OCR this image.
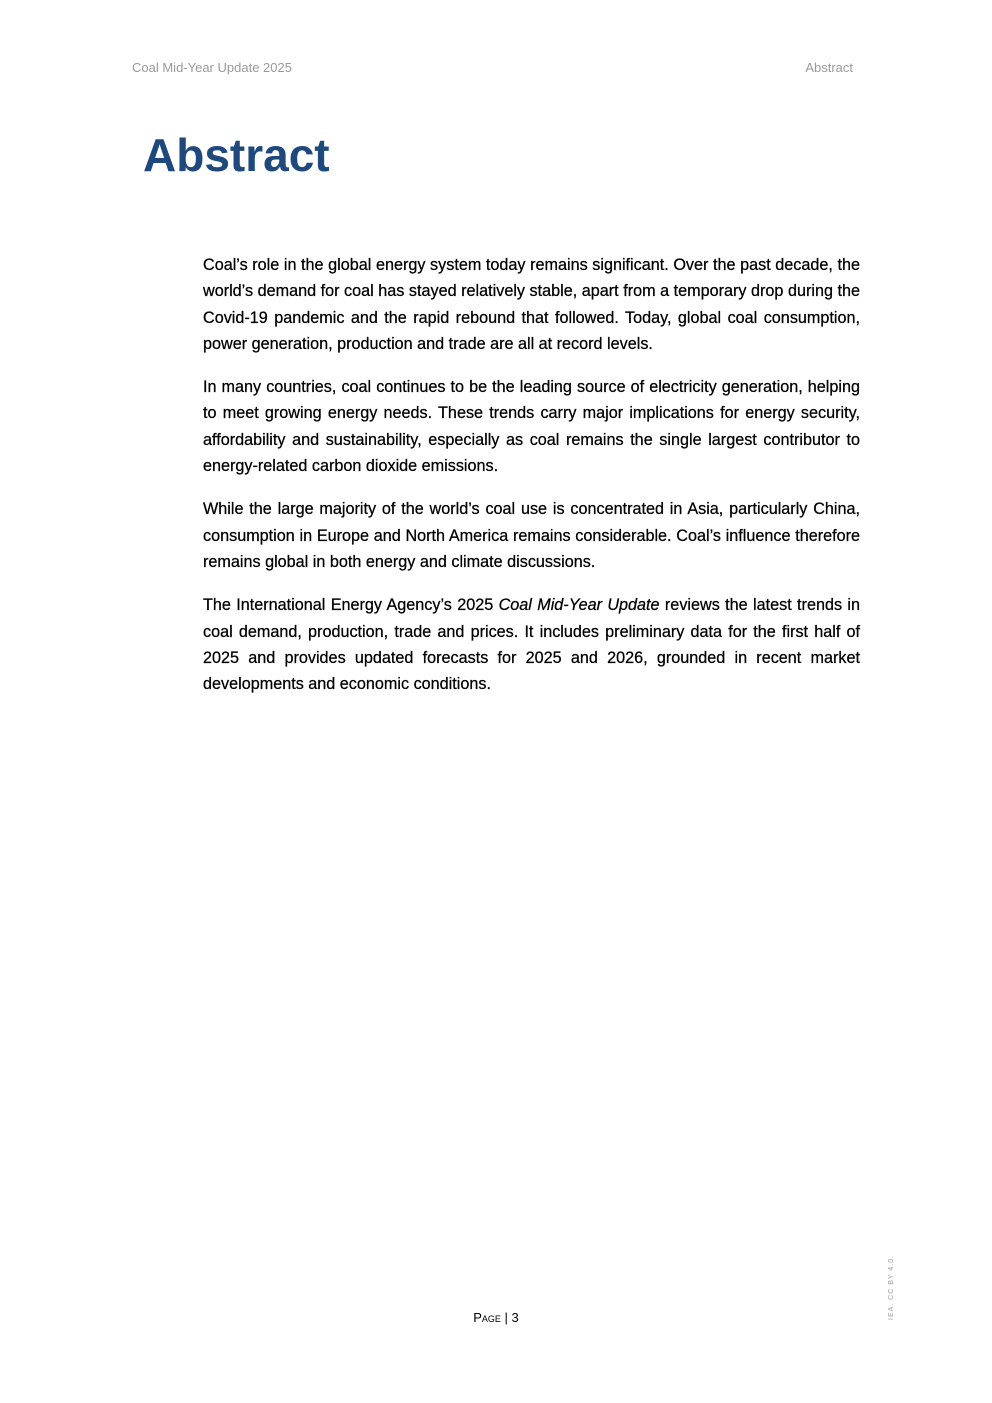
Coal Mid-Year Update 2025	Abstract
Abstract

Coal’s role in the global energy system today remains significant. Over the past decade, the world’s demand for coal has stayed relatively stable, apart from a temporary drop during the Covid-19 pandemic and the rapid rebound that followed. Today, global coal consumption, power generation, production and trade are all at record levels.

In many countries, coal continues to be the leading source of electricity generation, helping to meet growing energy needs. These trends carry major implications for energy security, affordability and sustainability, especially as coal remains the single largest contributor to energy-related carbon dioxide emissions.

While the large majority of the world’s coal use is concentrated in Asia, particularly China, consumption in Europe and North America remains considerable. Coal’s influence therefore remains global in both energy and climate discussions.

The International Energy Agency’s 2025 Coal Mid-Year Update reviews the latest trends in coal demand, production, trade and prices. It includes preliminary data for the first half of 2025 and provides updated forecasts for 2025 and 2026, grounded in recent market developments and economic conditions.

Page | 3	IEA. CC BY 4.0.
